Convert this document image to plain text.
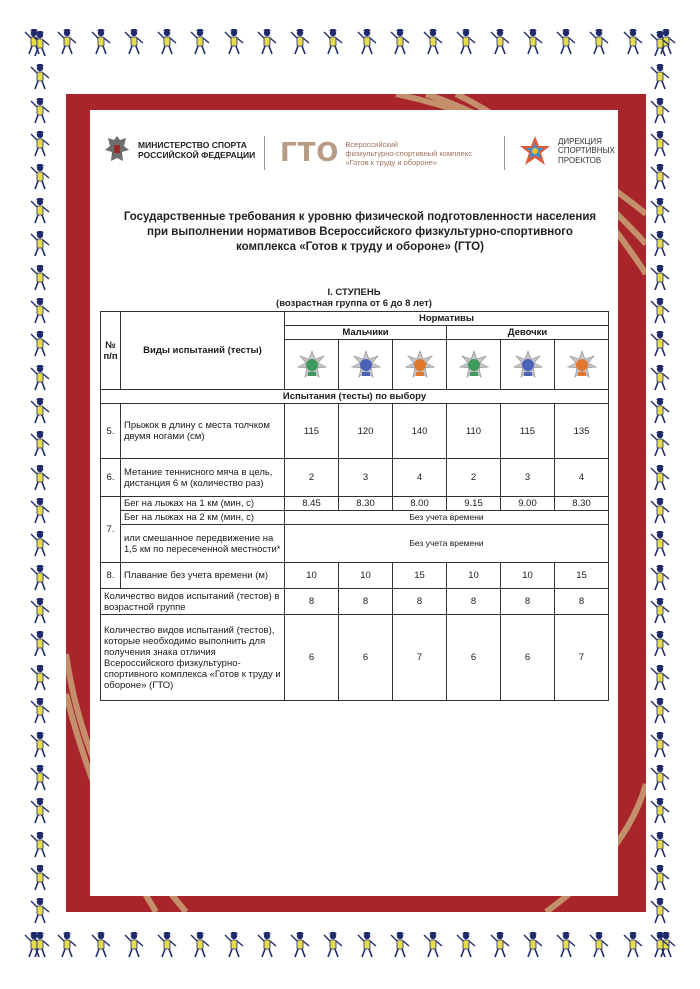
МИНИСТЕРСТВО СПОРТА
РОССИЙСКОЙ ФЕДЕРАЦИИ ГТО Всероссийский
физкультурно-спортивный комплекс
«Готов к труду и обороне»
ДИРЕКЦИЯ
СПОРТИВНЫХ
ПРОЕКТОВ
Государственные требования к уровню физической подготовленности населения
при выполнении нормативов Всероссийского физкультурно-спортивного
комплекса «Готов к труду и обороне» (ГТО)
I. СТУПЕНЬ
(возрастная группа от 6 до 8 лет)
№ п/п	Виды испытаний (тесты)	Нормативы					
		Мальчики			Девочки		

Испытания (тесты) по выбору							
5.	Прыжок в длину с места толчком двумя ногами (см)	115	120	140	110	115	135
6.	Метание теннисного мяча в цель, дистанция 6 м (количество раз)	2	3	4	2	3	4
7.	Бег на лыжах на 1 км (мин, с)	8.45	8.30	8.00	9.15	9.00	8.30
	Бег на лыжах на 2 км (мин, с)	Без учета времени					
	или смешанное передвижение на 1,5 км по пересеченной местности*	Без учета времени					
8.	Плавание без учета времени (м)	10	10	15	10	10	15
Количество видов испытаний (тестов) в возрастной группе		8	8	8	8	8	8
Количество видов испытаний (тестов), которые необходимо выполнить для получения знака отличия Всероссийского физкультурно-спортивного комплекса «Готов к труду и обороне» (ГТО)		6	6	7	6	6	7
